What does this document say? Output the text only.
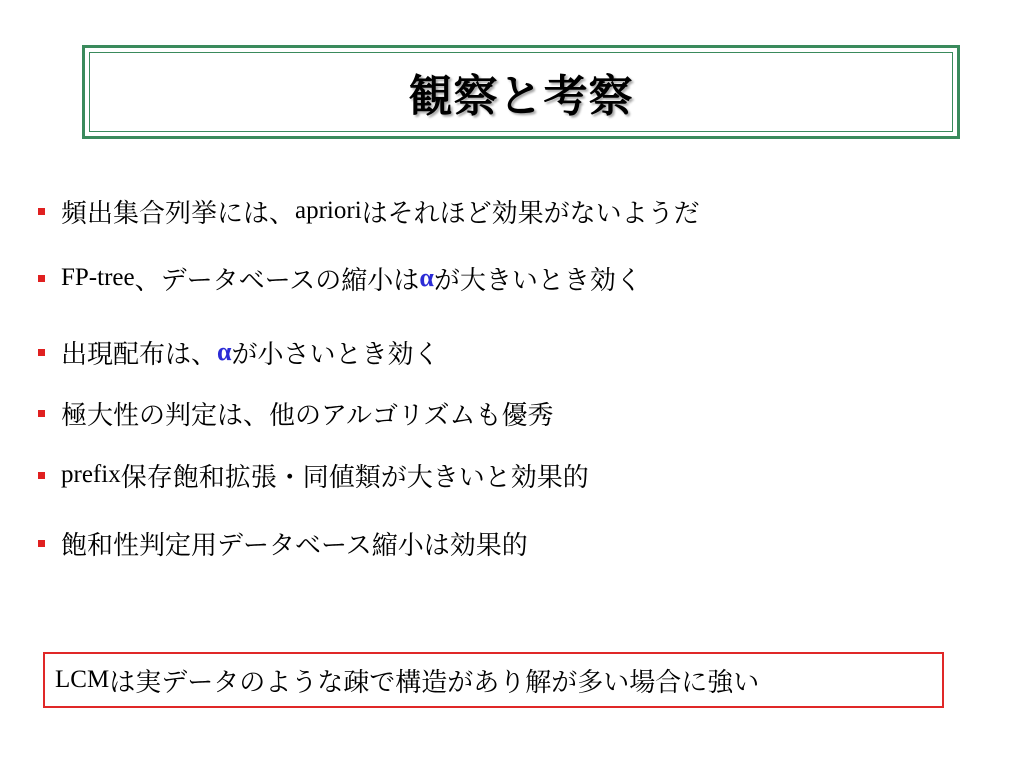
観察と考察
頻出集合列挙には、 apriori はそれほど効果がないようだ
FP-tree 、データベースの縮小は α が大きいとき効く
出現配布は、 α が小さいとき効く
極大性の判定は、他のアルゴリズムも優秀
prefix 保存飽和拡張・同値類が大きいと効果的
飽和性判定用データベース縮小は効果的
LCM は実データのような疎で構造があり解が多い場合に強い
